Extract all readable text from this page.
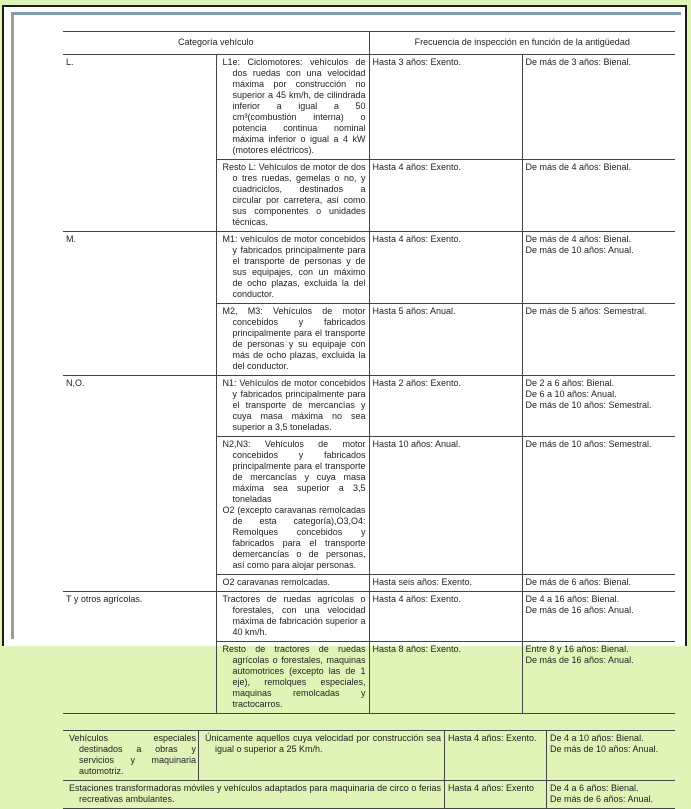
Categoría vehículo		Frecuencia de inspección en función de la antigüedad	
L.	L1e: Ciclomotores: vehículos de dos ruedas con una velocidad máxima por construcción no superior a 45 km/h, de cilindrada inferior a igual a 50 cm³(combustión interna) o potencia continua nominal máxima inferior o igual a 4 kW (motores eléctricos).	Hasta 3 años: Exento.	De más de 3 años: Bienal.

	Resto L: Vehículos de motor de dos o tres ruedas, gemelas o no, y cuadriciclos, destinados a circular por carretera, así como sus componentes o unidades técnicas.	Hasta 4 años: Exento.	De más de 4 años: Bienal.

M.	M1: vehículos de motor concebidos y fabricados principalmente para el transporte de personas y de sus equipajes, con un máximo de ocho plazas, excluida la del conductor.	Hasta 4 años: Exento.	De más de 4 años: Bienal.
De más de 10 años: Anual.

	M2, M3: Vehículos de motor concebidos y fabricados principalmente para el transporte de personas y su equipaje con más de ocho plazas, excluida la del conductor.	Hasta 5 años: Anual.	De más de 5 años: Semestral.

N,O.	N1: Vehículos de motor concebidos y fabricados principalmente para el transporte de mercancías y cuya masa máxima no sea superior a 3,5 toneladas.	Hasta 2 años: Exento.	De 2 a 6 años: Bienal.
De 6 a 10 años: Anual.
De más de 10 años: Semestral.

	N2,N3: Vehículos de motor concebidos y fabricados principalmente para el transporte de mercancías y cuya masa máxima sea superior a 3,5 toneladas
O2 (excepto caravanas remolcadas de esta categoría),O3,O4: Remolques concebidos y fabricados para el transporte demercancías o de personas, así como para alojar personas.	Hasta 10 años: Anual.	De más de 10 años: Semestral.

	O2 caravanas remolcadas.	Hasta seis años: Exento.	De más de 6 años: Bienal.

T y otros agrícolas.	Tractores de ruedas agrícolas o forestales, con una velocidad máxima de fabricación superior a 40 km/h.	Hasta 4 años: Exento.	De 4 a 16 años: Bienal.
De más de 16 años: Anual.

	Resto de tractores de ruedas agrícolas o forestales, maquinas automotrices (excepto las de 1 eje), remolques especiales, maquinas remolcadas y tractocarros.	Hasta 8 años: Exento.	Entre 8 y 16 años: Bienal.
De más de 16 años: Anual.

Vehículos especiales destinados a obras y servicios y maquinaria automotriz.	Únicamente aquellos cuya velocidad por construcción sea igual o superior a 25 Km/h.	Hasta 4 años: Exento.	De 4 a 10 años: Bienal.
De más de 10 años: Anual.

Estaciones transformadoras móviles y vehículos adaptados para maquinaria de circo o ferias recreativas ambulantes.		Hasta 4 años: Exento	De 4 a 6 años: Bienal.
De más de 6 años: Anual.
